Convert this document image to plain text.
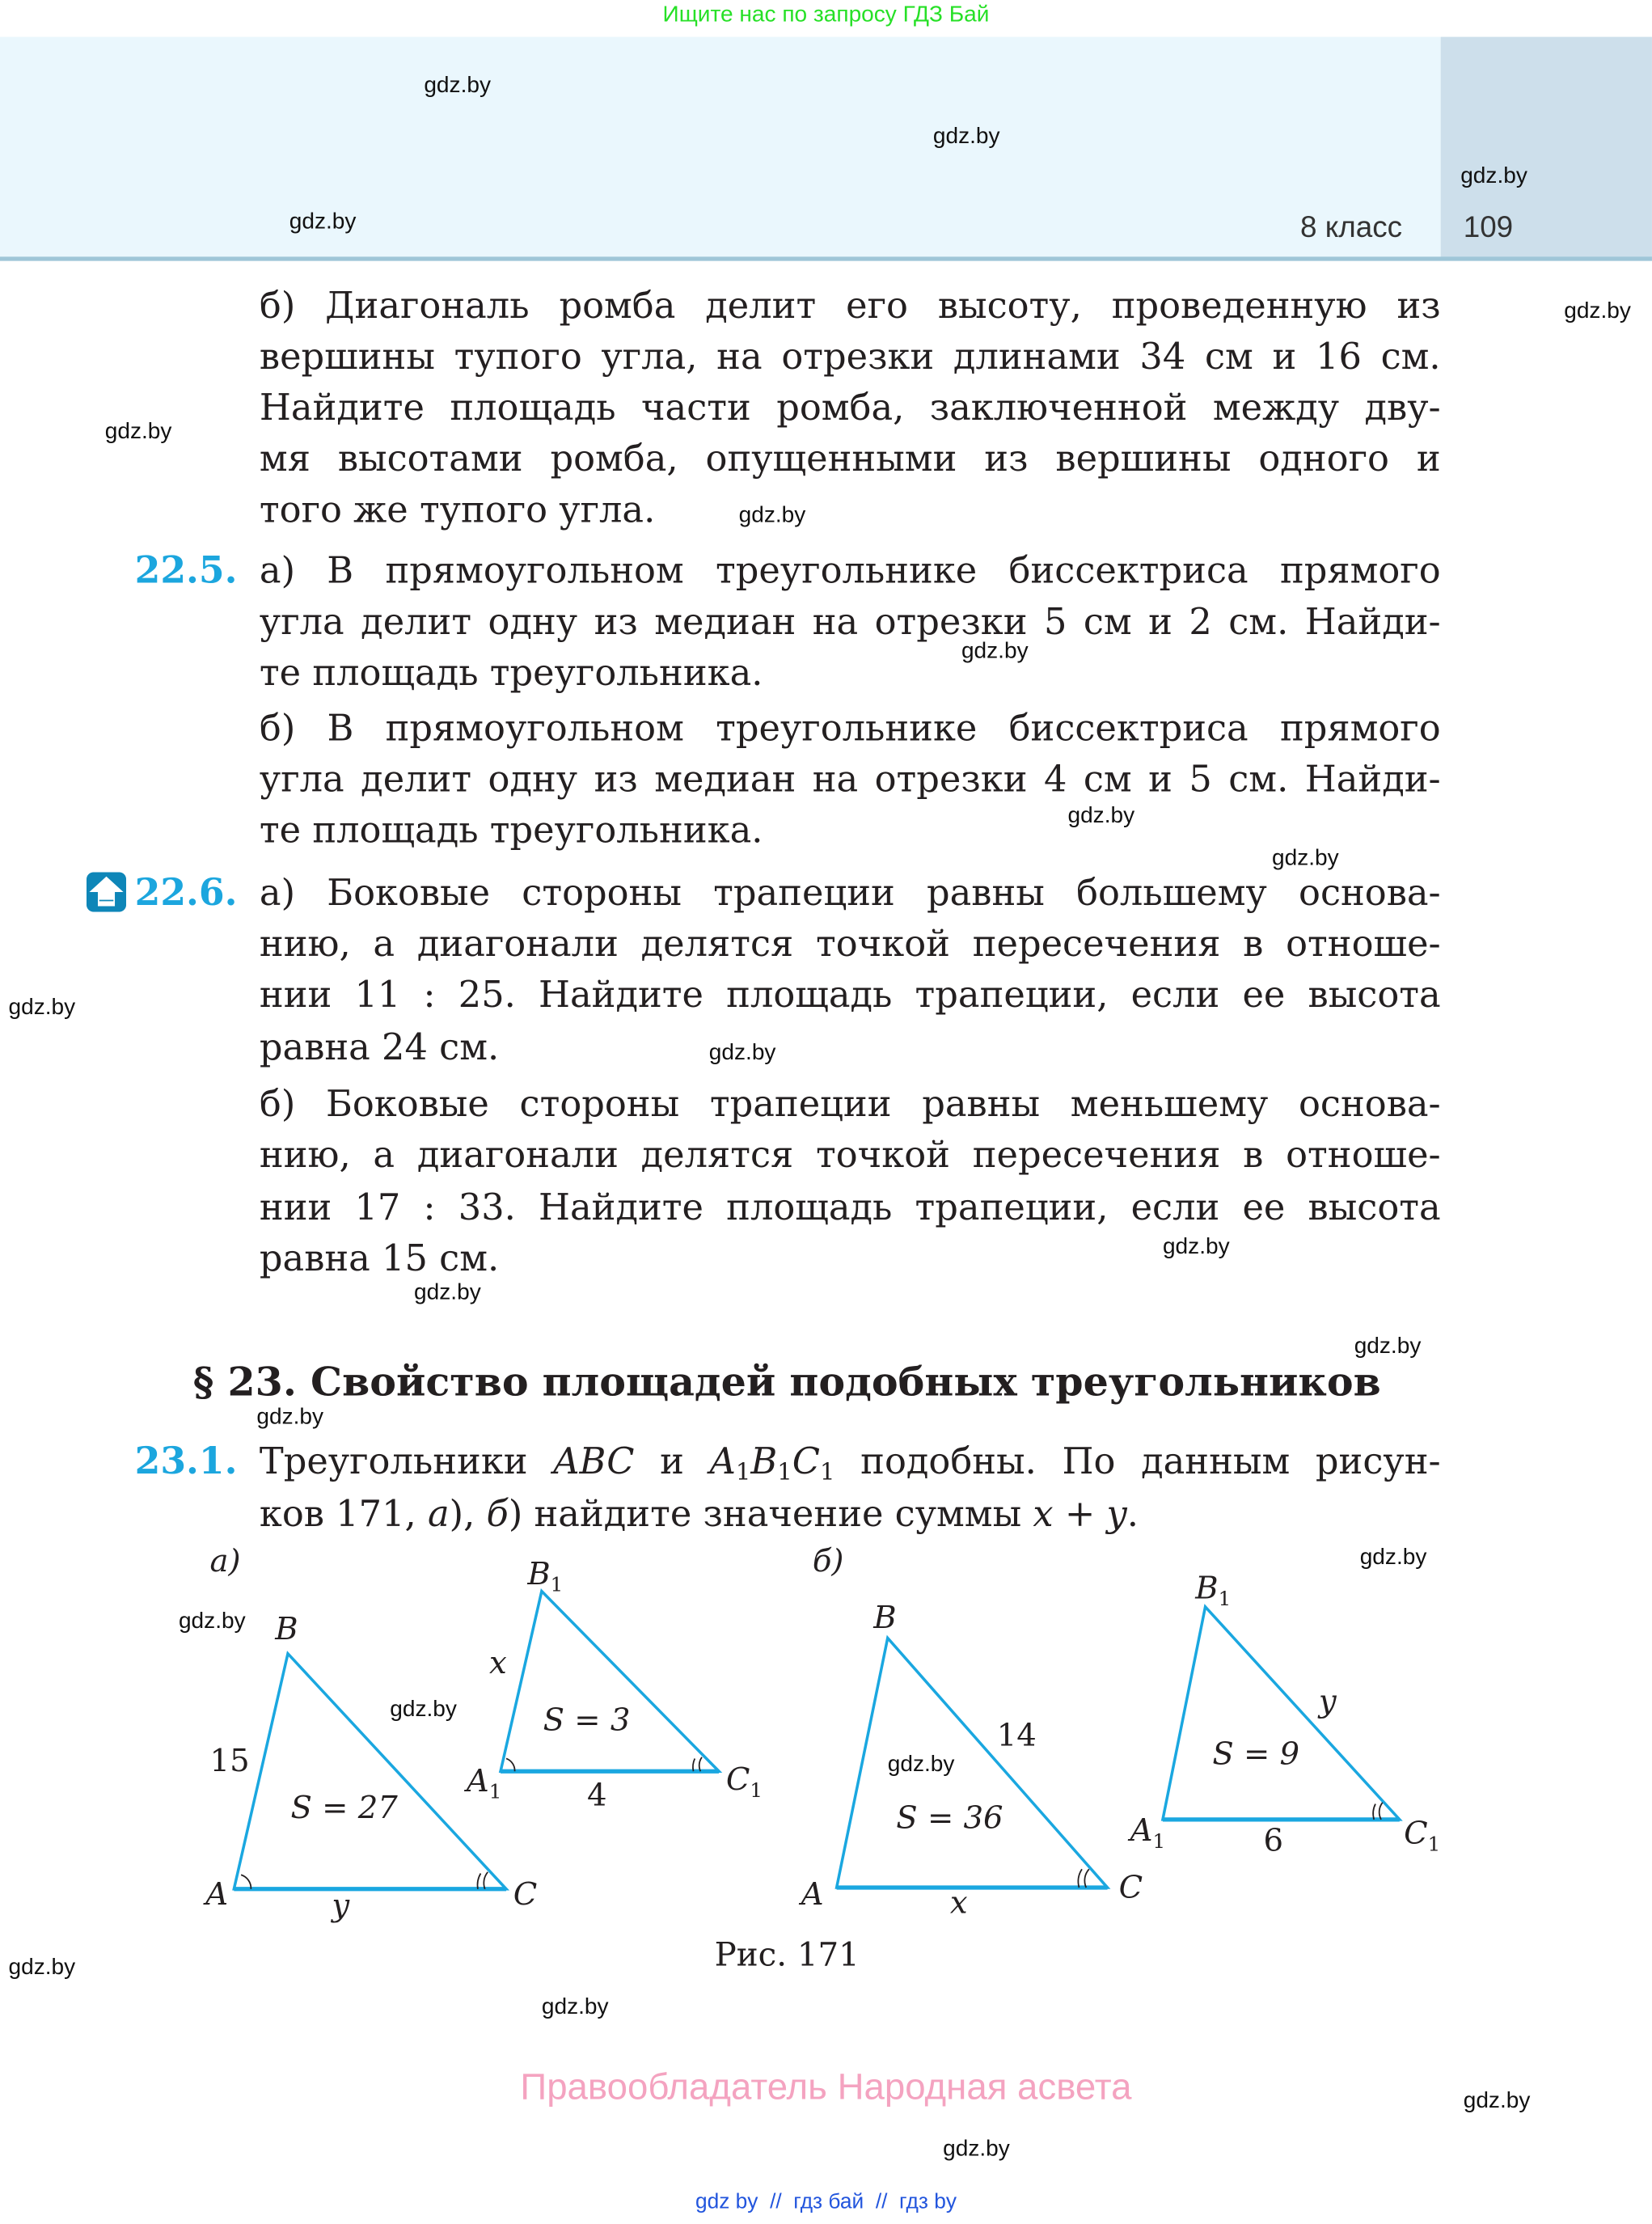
Ищите нас по запросу ГДЗ Бай
8 класс	109
б) Диагональ ромба делит его высоту, проведенную из
вершины тупого угла, на отрезки длинами 34 см и 16 см.
Найдите площадь части ромба, заключенной между дву-
мя высотами ромба, опущенными из вершины одного и
того же тупого угла.
22.5. а) В прямоугольном треугольнике биссектриса прямого
угла делит одну из медиан на отрезки 5 см и 2 см. Найди-
те площадь треугольника.
б) В прямоугольном треугольнике биссектриса прямого
угла делит одну из медиан на отрезки 4 см и 5 см. Найди-
те площадь треугольника.
22.6. а) Боковые стороны трапеции равны большему основа-
нию, а диагонали делятся точкой пересечения в отноше-
нии 11 : 25. Найдите площадь трапеции, если ее высота
равна 24 см.
б) Боковые стороны трапеции равны меньшему основа-
нию, а диагонали делятся точкой пересечения в отноше-
нии 17 : 33. Найдите площадь трапеции, если ее высота
равна 15 см.
§ 23. Свойство площадей подобных треугольников
23.1. Треугольники ABC и $A_1B_1C_1$ подобны. По данным рисун-
ков 171, а), б) найдите значение суммы x + y.
а)
B
$B_1$
x
15
S = 27
S = 3
$A_1$	4	$C_1$
A	y	C
б)
B
14
S = 36
A	x	C
$B_1$
y
S = 9
$A_1$	6	$C_1$
Рис. 171
gdz.by
gdz.by
gdz.by
gdz.by
gdz.by
gdz.by
gdz.by
gdz.by
gdz.by
gdz.by
gdz.by
gdz.by
gdz.by
gdz.by
gdz.by
gdz.by
gdz.by
gdz.by
gdz.by
gdz.by
gdz.by
gdz.by
gdz.by
gdz.by
Правообладатель Народная асвета
gdz by  //  гдз бай  //  гдз by
